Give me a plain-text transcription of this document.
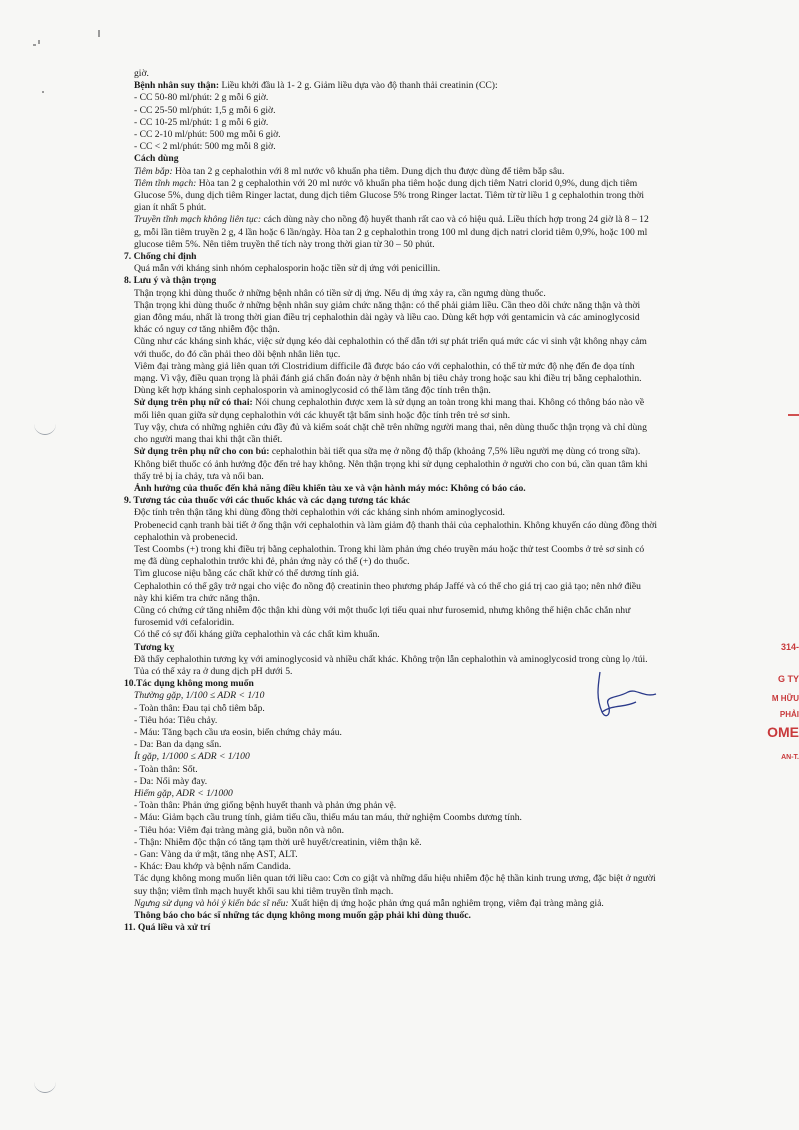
giờ.
Bệnh nhân suy thận: Liều khởi đầu là 1- 2 g. Giảm liều dựa vào độ thanh thải creatinin (CC):
- CC 50-80 ml/phút: 2 g mỗi 6 giờ.
- CC 25-50 ml/phút: 1,5 g mỗi 6 giờ.
- CC 10-25 ml/phút: 1 g mỗi 6 giờ.
- CC 2-10 ml/phút: 500 mg mỗi 6 giờ.
- CC < 2 ml/phút: 500 mg mỗi 8 giờ.
Cách dùng
Tiêm bắp: Hòa tan 2 g cephalothin với 8 ml nước vô khuẩn pha tiêm. Dung dịch thu được dùng để tiêm bắp sâu.
Tiêm tĩnh mạch: Hòa tan 2 g cephalothin với 20 ml nước vô khuẩn pha tiêm hoặc dung dịch tiêm Natri clorid 0,9%, dung dịch tiêm
Glucose 5%, dung dịch tiêm Ringer lactat, dung dịch tiêm Glucose 5% trong Ringer lactat. Tiêm từ từ liều 1 g cephalothin trong thời
gian ít nhất 5 phút.
Truyền tĩnh mạch không liên tục: cách dùng này cho nồng độ huyết thanh rất cao và có hiệu quả. Liều thích hợp trong 24 giờ là 8 – 12
g, mỗi lần tiêm truyền 2 g, 4 lần hoặc 6 lần/ngày. Hòa tan 2 g cephalothin trong 100 ml dung dịch natri clorid tiêm 0,9%, hoặc 100 ml
glucose tiêm 5%. Nên tiêm truyền thể tích này trong thời gian từ 30 – 50 phút.
7. Chống chỉ định
Quá mẫn với kháng sinh nhóm cephalosporin hoặc tiền sử dị ứng với penicillin.
8. Lưu ý và thận trọng
Thận trọng khi dùng thuốc ở những bệnh nhân có tiền sử dị ứng. Nếu dị ứng xảy ra, cần ngưng dùng thuốc.
Thận trọng khi dùng thuốc ở những bệnh nhân suy giảm chức năng thận: có thể phải giảm liều. Cần theo dõi chức năng thận và thời
gian đông máu, nhất là trong thời gian điều trị cephalothin dài ngày và liều cao. Dùng kết hợp với gentamicin và các aminoglycosid
khác có nguy cơ tăng nhiễm độc thận.
Cũng như các kháng sinh khác, việc sử dụng kéo dài cephalothin có thể dẫn tới sự phát triển quá mức các vi sinh vật không nhạy cảm
với thuốc, do đó cần phải theo dõi bệnh nhân liên tục.
Viêm đại tràng màng giả liên quan tới Clostridium difficile đã được báo cáo với cephalothin, có thể từ mức độ nhẹ đến đe dọa tính
mạng. Vì vậy, điều quan trọng là phải đánh giá chẩn đoán này ở bệnh nhân bị tiêu chảy trong hoặc sau khi điều trị bằng cephalothin.
Dùng kết hợp kháng sinh cephalosporin và aminoglycosid có thể làm tăng độc tính trên thận.
Sử dụng trên phụ nữ có thai: Nói chung cephalothin được xem là sử dụng an toàn trong khi mang thai. Không có thông báo nào về
mối liên quan giữa sử dụng cephalothin với các khuyết tật bẩm sinh hoặc độc tính trên trẻ sơ sinh.
Tuy vậy, chưa có những nghiên cứu đầy đủ và kiểm soát chặt chẽ trên những người mang thai, nên dùng thuốc thận trọng và chỉ dùng
cho người mang thai khi thật cần thiết.
Sử dụng trên phụ nữ cho con bú: cephalothin bài tiết qua sữa mẹ ở nồng độ thấp (khoảng 7,5% liều người mẹ dùng có trong sữa).
Không biết thuốc có ảnh hưởng độc đến trẻ hay không. Nên thận trọng khi sử dụng cephalothin ở người cho con bú, cần quan tâm khi
thấy trẻ bị ỉa chảy, tưa và nổi ban.
Ảnh hưởng của thuốc đến khả năng điều khiển tàu xe và vận hành máy móc: Không có báo cáo.
9. Tương tác của thuốc với các thuốc khác và các dạng tương tác khác
Độc tính trên thận tăng khi dùng đồng thời cephalothin với các kháng sinh nhóm aminoglycosid.
Probenecid cạnh tranh bài tiết ở ống thận với cephalothin và làm giảm độ thanh thải của cephalothin. Không khuyến cáo dùng đồng thời
cephalothin và probenecid.
Test Coombs (+) trong khi điều trị bằng cephalothin. Trong khi làm phản ứng chéo truyền máu hoặc thử test Coombs ở trẻ sơ sinh có
mẹ đã dùng cephalothin trước khi đẻ, phản ứng này có thể (+) do thuốc.
Tìm glucose niệu bằng các chất khử có thể dương tính giả.
Cephalothin có thể gây trở ngại cho việc đo nồng độ creatinin theo phương pháp Jaffé và có thể cho giá trị cao giả tạo; nên nhớ điều
này khi kiểm tra chức năng thận.
Cũng có chứng cứ tăng nhiễm độc thận khi dùng với một thuốc lợi tiểu quai như furosemid, nhưng không thể hiện chắc chắn như
furosemid với cefaloridin.
Có thể có sự đối kháng giữa cephalothin và các chất kìm khuẩn.
Tương kỵ
Đã thấy cephalothin tương kỵ với aminoglycosid và nhiều chất khác. Không trộn lẫn cephalothin và aminoglycosid trong cùng lọ /túi.
Tủa có thể xảy ra ở dung dịch pH dưới 5.
10.Tác dụng không mong muốn
Thường gặp, 1/100 ≤ ADR < 1/10
- Toàn thân: Đau tại chỗ tiêm bắp.
- Tiêu hóa: Tiêu chảy.
- Máu: Tăng bạch cầu ưa eosin, biến chứng chảy máu.
- Da: Ban da dạng sẩn.
Ít gặp, 1/1000 ≤ ADR < 1/100
- Toàn thân: Sốt.
- Da: Nổi mày đay.
Hiếm gặp, ADR < 1/1000
- Toàn thân: Phản ứng giống bệnh huyết thanh và phản ứng phản vệ.
- Máu: Giảm bạch cầu trung tính, giảm tiểu cầu, thiếu máu tan máu, thử nghiệm Coombs dương tính.
- Tiêu hóa: Viêm đại tràng màng giả, buồn nôn và nôn.
- Thận: Nhiễm độc thận có tăng tạm thời urê huyết/creatinin, viêm thận kẽ.
- Gan: Vàng da ứ mật, tăng nhẹ AST, ALT.
- Khác: Đau khớp và bệnh nấm Candida.
Tác dụng không mong muốn liên quan tới liều cao: Cơn co giật và những dấu hiệu nhiễm độc hệ thần kinh trung ương, đặc biệt ở người
suy thận; viêm tĩnh mạch huyết khối sau khi tiêm truyền tĩnh mạch.
Ngưng sử dụng và hỏi ý kiến bác sĩ nếu: Xuất hiện dị ứng hoặc phản ứng quá mẫn nghiêm trọng, viêm đại tràng màng giả.
Thông báo cho bác sĩ những tác dụng không mong muốn gặp phải khi dùng thuốc.
11. Quá liều và xử trí
314-
G TY
M HỮU
PHẢI
OME
AN-T.
